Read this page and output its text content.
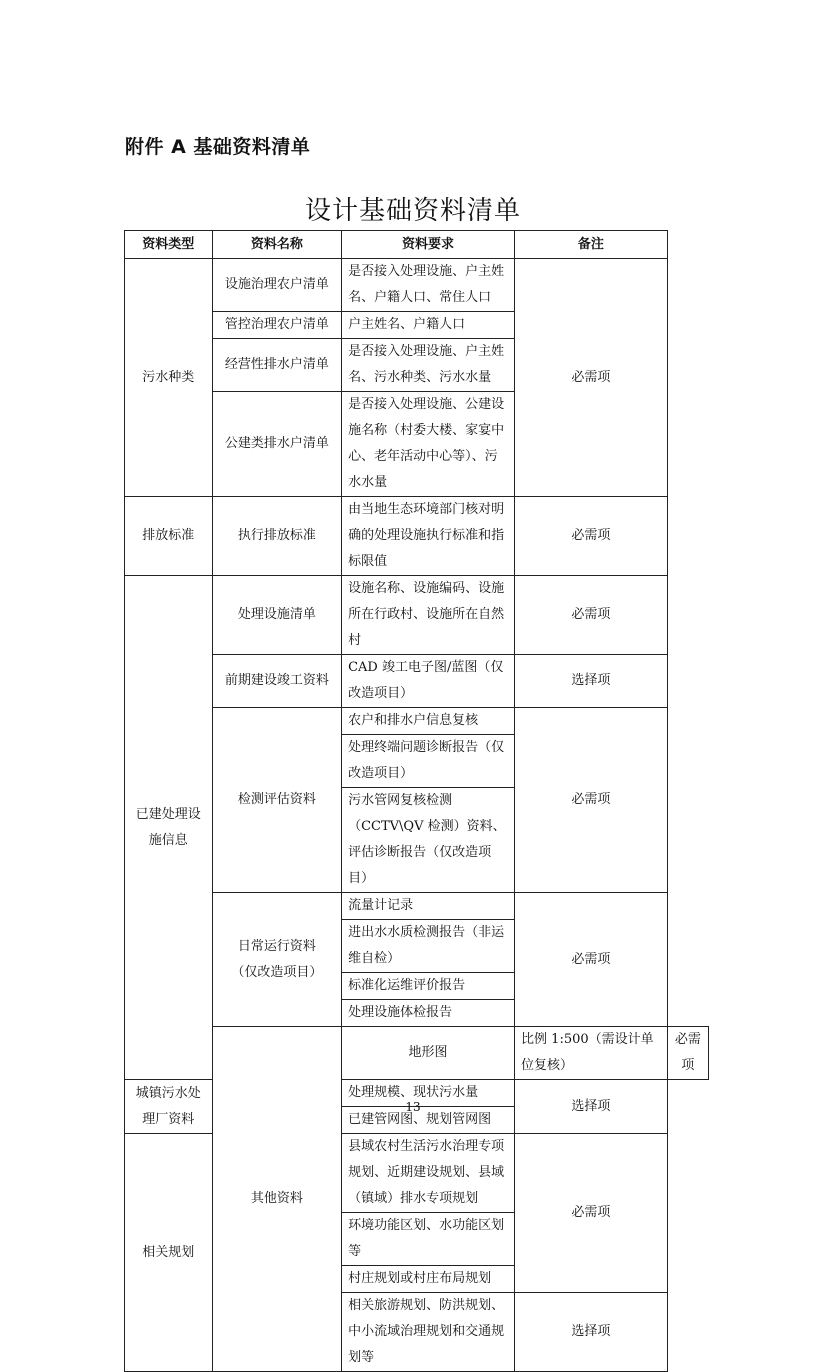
附件 A 基础资料清单
设计基础资料清单
资料类型	资料名称	资料要求	备注	
污水种类	设施治理农户清单	是否接入处理设施、户主姓名、户籍人口、常住人口	必需项	
	管控治理农户清单	户主姓名、户籍人口		
	经营性排水户清单	是否接入处理设施、户主姓名、污水种类、污水水量		
	公建类排水户清单	是否接入处理设施、公建设施名称（村委大楼、家宴中心、老年活动中心等）、污水水量		
排放标准	执行排放标准	由当地生态环境部门核对明确的处理设施执行标准和指标限值	必需项	
已建处理设施信息	处理设施清单	设施名称、设施编码、设施所在行政村、设施所在自然村	必需项	
	前期建设竣工资料	CAD 竣工电子图/蓝图（仅改造项目）	选择项	
	检测评估资料	农户和排水户信息复核	必需项	
		处理终端问题诊断报告（仅改造项目）		
		污水管网复核检测（CCTV\QV 检测）资料、评估诊断报告（仅改造项目）		
	日常运行资料（仅改造项目）	流量计记录	必需项	
		进出水水质检测报告（非运维自检）		
		标准化运维评价报告		
		处理设施体检报告		
	其他资料	地形图	比例 1:500（需设计单位复核）	必需项
城镇污水处理厂资料		处理规模、现状污水量	选择项	
		已建管网图、规划管网图		
相关规划		县域农村生活污水治理专项规划、近期建设规划、县域（镇域）排水专项规划	必需项	
		环境功能区划、水功能区划等		
		村庄规划或村庄布局规划		
		相关旅游规划、防洪规划、中小流域治理规划和交通规划等	选择项	
13
